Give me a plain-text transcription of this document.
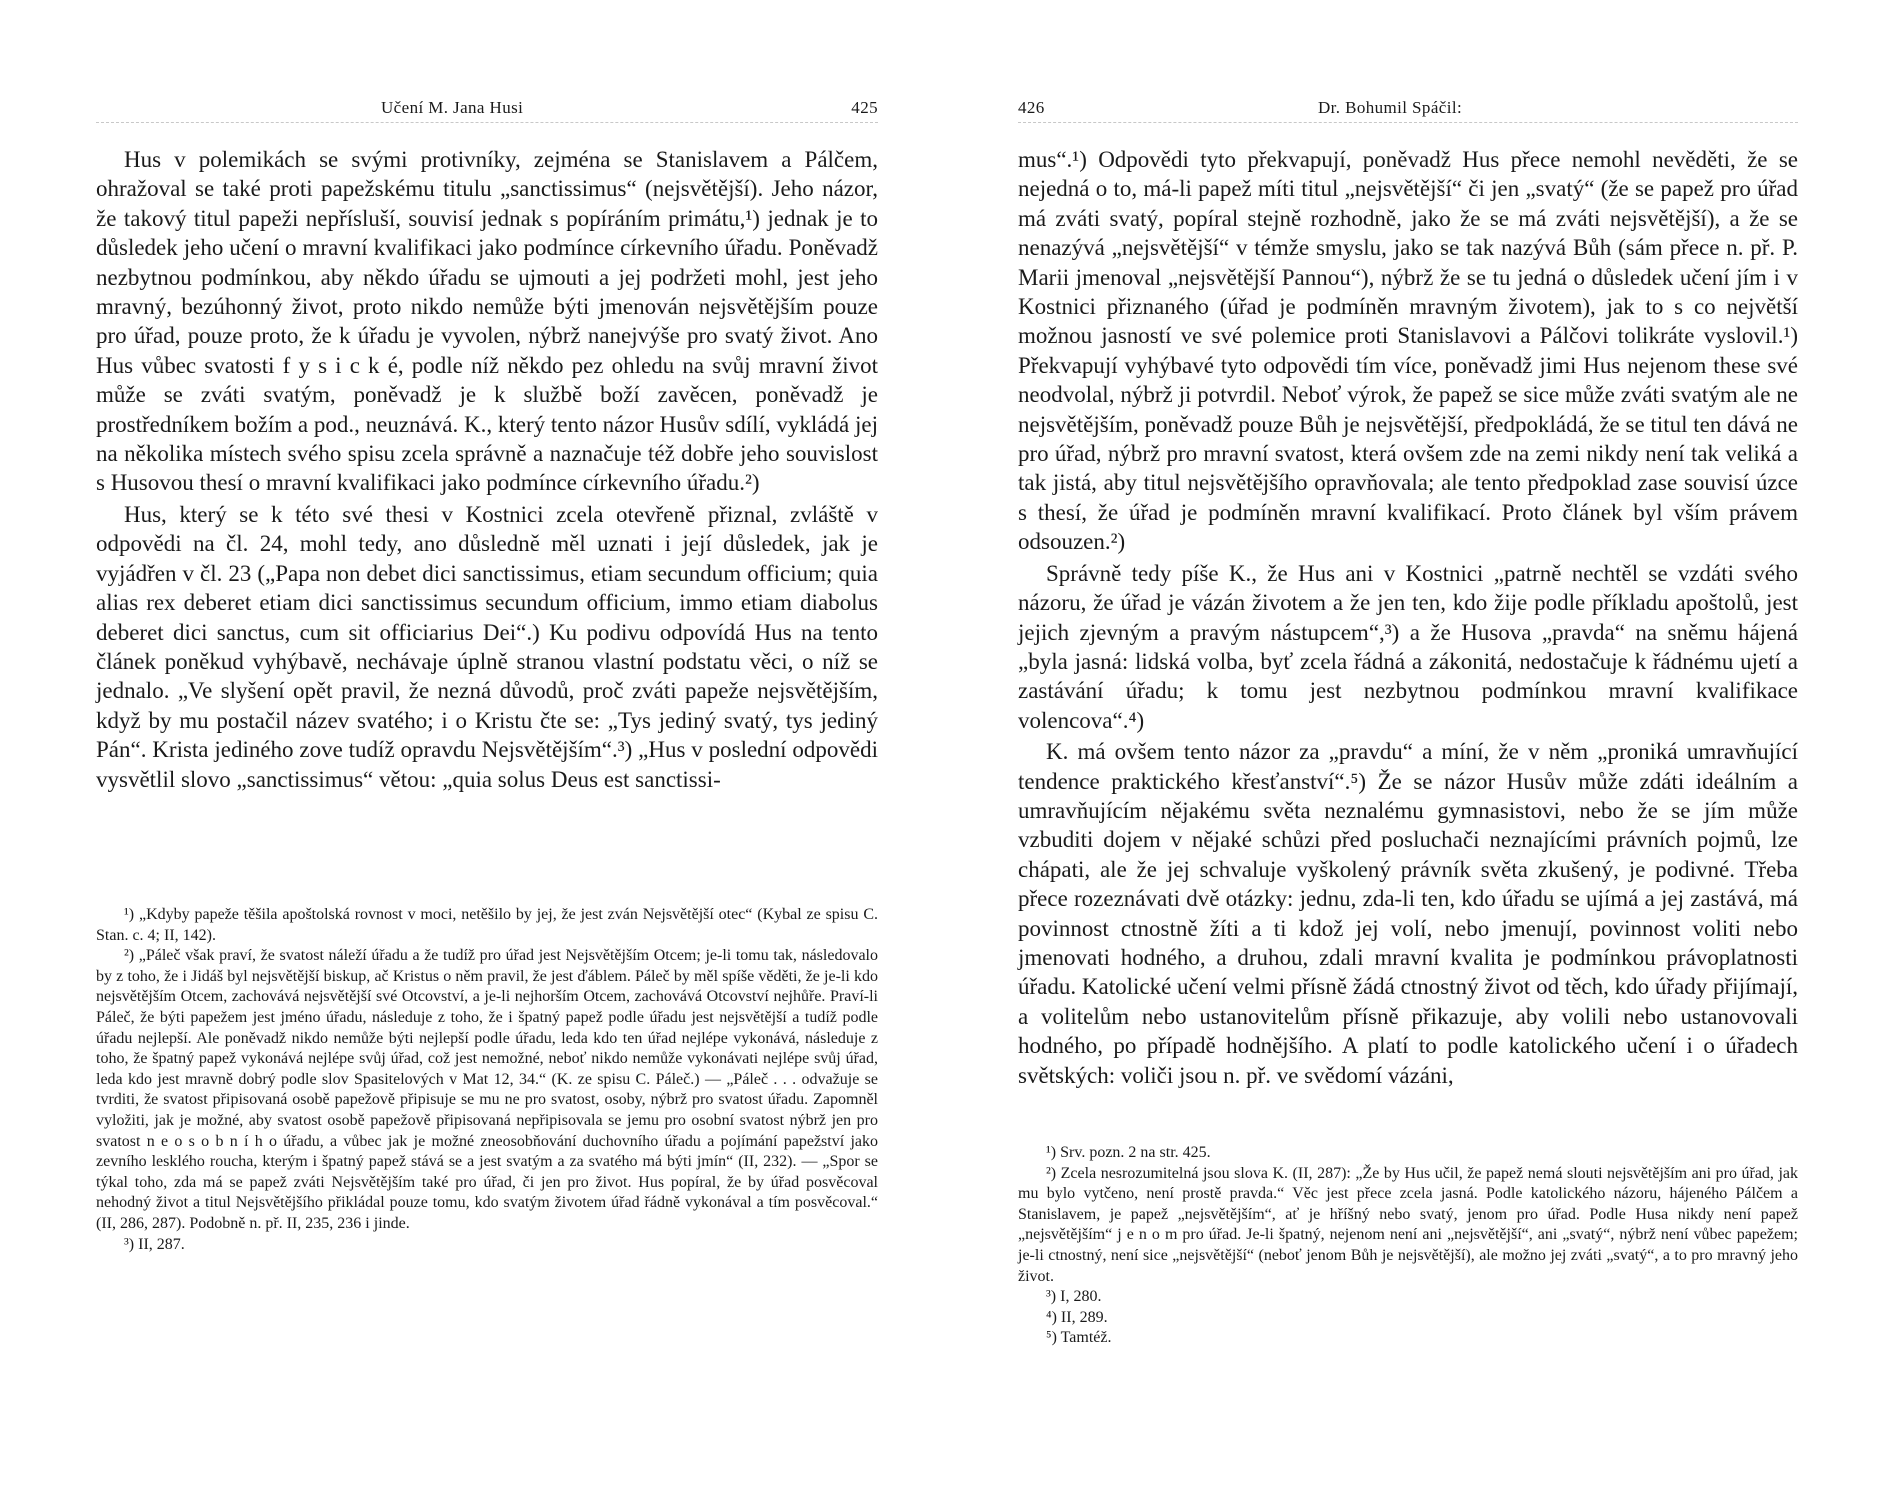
Učení M. Jana Husi	425

Hus v polemikách se svými protivníky, zejména se Stanislavem a Pálčem, ohražoval se také proti papežskému titulu „sanctissimus“ (nejsvětější). Jeho názor, že takový titul papeži nepřísluší, souvisí jednak s popíráním primátu,¹) jednak je to důsledek jeho učení o mravní kvalifikaci jako podmínce církevního úřadu. Poněvadž nezbytnou podmínkou, aby někdo úřadu se ujmouti a jej podržeti mohl, jest jeho mravný, bezúhonný život, proto nikdo nemůže býti jmenován nejsvětějším pouze pro úřad, pouze proto, že k úřadu je vyvolen, nýbrž nanejvýše pro svatý život. Ano Hus vůbec svatosti f y s i c k é, podle níž někdo pez ohledu na svůj mravní život může se zváti svatým, poněvadž je k službě boží zavěcen, poněvadž je prostředníkem božím a pod., neuznává. K., který tento názor Husův sdílí, vykládá jej na několika místech svého spisu zcela správně a naznačuje též dobře jeho souvislost s Husovou thesí o mravní kvalifikaci jako podmínce církevního úřadu.²)

Hus, který se k této své thesi v Kostnici zcela otevřeně přiznal, zvláště v odpovědi na čl. 24, mohl tedy, ano důsledně měl uznati i její důsledek, jak je vyjádřen v čl. 23 („Papa non debet dici sanctissimus, etiam secundum officium; quia alias rex deberet etiam dici sanctissimus secundum officium, immo etiam diabolus deberet dici sanctus, cum sit officiarius Dei“.) Ku podivu odpovídá Hus na tento článek poněkud vyhýbavě, nechávaje úplně stranou vlastní podstatu věci, o níž se jednalo. „Ve slyšení opět pravil, že nezná důvodů, proč zváti papeže nejsvětějším, když by mu postačil název svatého; i o Kristu čte se: „Tys jediný svatý, tys jediný Pán“. Krista jediného zove tudíž opravdu Nejsvětějším“.³) „Hus v poslední odpovědi vysvětlil slovo „sanctissimus“ větou: „quia solus Deus est sanctissi-

¹) „Kdyby papeže těšila apoštolská rovnost v moci, netěšilo by jej, že jest zván Nejsvětější otec“ (Kybal ze spisu C. Stan. c. 4; II, 142).

²) „Páleč však praví, že svatost náleží úřadu a že tudíž pro úřad jest Nejsvětějším Otcem; je-li tomu tak, následovalo by z toho, že i Jidáš byl nejsvětější biskup, ač Kristus o něm pravil, že jest ďáblem. Páleč by měl spíše věděti, že je-li kdo nejsvětějším Otcem, zachovává nejsvětější své Otcovství, a je-li nejhorším Otcem, zachovává Otcovství nejhůře. Praví-li Páleč, že býti papežem jest jméno úřadu, následuje z toho, že i špatný papež podle úřadu jest nejsvětější a tudíž podle úřadu nejlepší. Ale poněvadž nikdo nemůže býti nejlepší podle úřadu, leda kdo ten úřad nejlépe vykonává, následuje z toho, že špatný papež vykonává nejlépe svůj úřad, což jest nemožné, neboť nikdo nemůže vykonávati nejlépe svůj úřad, leda kdo jest mravně dobrý podle slov Spasitelových v Mat 12, 34.“ (K. ze spisu C. Páleč.) — „Páleč . . . odvažuje se tvrditi, že svatost připisovaná osobě papežově připisuje se mu ne pro svatost, osoby, nýbrž pro svatost úřadu. Zapomněl vyložiti, jak je možné, aby svatost osobě papežově připisovaná nepřipisovala se jemu pro osobní svatost nýbrž jen pro svatost n e o s o b n í h o úřadu, a vůbec jak je možné zneosobňování duchovního úřadu a pojímání papežství jako zevního lesklého roucha, kterým i špatný papež stává se a jest svatým a za svatého má býti jmín“ (II, 232). — „Spor se týkal toho, zda má se papež zváti Nejsvětějším také pro úřad, či jen pro život. Hus popíral, že by úřad posvěcoval nehodný život a titul Nejsvětějšího přikládal pouze tomu, kdo svatým životem úřad řádně vykonával a tím posvěcoval.“ (II, 286, 287). Podobně n. př. II, 235, 236 i jinde.

³) II, 287.

426	Dr. Bohumil Spáčil:

mus“.¹) Odpovědi tyto překvapují, poněvadž Hus přece nemohl nevěděti, že se nejedná o to, má-li papež míti titul „nejsvětější“ či jen „svatý“ (že se papež pro úřad má zváti svatý, popíral stejně rozhodně, jako že se má zváti nejsvětější), a že se nenazývá „nejsvětější“ v témže smyslu, jako se tak nazývá Bůh (sám přece n. př. P. Marii jmenoval „nejsvětější Pannou“), nýbrž že se tu jedná o důsledek učení jím i v Kostnici přiznaného (úřad je podmíněn mravným životem), jak to s co největší možnou jasností ve své polemice proti Stanislavovi a Pálčovi tolikráte vyslovil.¹) Překvapují vyhýbavé tyto odpovědi tím více, poněvadž jimi Hus nejenom these své neodvolal, nýbrž ji potvrdil. Neboť výrok, že papež se sice může zváti svatým ale ne nejsvětějším, poněvadž pouze Bůh je nejsvětější, předpokládá, že se titul ten dává ne pro úřad, nýbrž pro mravní svatost, která ovšem zde na zemi nikdy není tak veliká a tak jistá, aby titul nejsvětějšího opravňovala; ale tento předpoklad zase souvisí úzce s thesí, že úřad je podmíněn mravní kvalifikací. Proto článek byl vším právem odsouzen.²)

Správně tedy píše K., že Hus ani v Kostnici „patrně nechtěl se vzdáti svého názoru, že úřad je vázán životem a že jen ten, kdo žije podle příkladu apoštolů, jest jejich zjevným a pravým nástupcem“,³) a že Husova „pravda“ na sněmu hájená „byla jasná: lidská volba, byť zcela řádná a zákonitá, nedostačuje k řádnému ujetí a zastávání úřadu; k tomu jest nezbytnou podmínkou mravní kvalifikace volencova“.⁴)

K. má ovšem tento názor za „pravdu“ a míní, že v něm „proniká umravňující tendence praktického křesťanství“.⁵) Že se názor Husův může zdáti ideálním a umravňujícím nějakému světa neznalému gymnasistovi, nebo že se jím může vzbuditi dojem v nějaké schůzi před posluchači neznajícími právních pojmů, lze chápati, ale že jej schvaluje vyškolený právník světa zkušený, je podivné. Třeba přece rozeznávati dvě otázky: jednu, zda-li ten, kdo úřadu se ujímá a jej zastává, má povinnost ctnostně žíti a ti kdož jej volí, nebo jmenují, povinnost voliti nebo jmenovati hodného, a druhou, zdali mravní kvalita je podmínkou právoplatnosti úřadu. Katolické učení velmi přísně žádá ctnostný život od těch, kdo úřady přijímají, a volitelům nebo ustanovitelům přísně přikazuje, aby volili nebo ustanovovali hodného, po případě hodnějšího. A platí to podle katolického učení i o úřadech světských: voliči jsou n. př. ve svědomí vázáni,

¹) Srv. pozn. 2 na str. 425.

²) Zcela nesrozumitelná jsou slova K. (II, 287): „Že by Hus učil, že papež nemá slouti nejsvětějším ani pro úřad, jak mu bylo vytčeno, není prostě pravda.“ Věc jest přece zcela jasná. Podle katolického názoru, hájeného Pálčem a Stanislavem, je papež „nejsvětějším“, ať je hříšný nebo svatý, jenom pro úřad. Podle Husa nikdy není papež „nejsvětějším“ j e n o m pro úřad. Je-li špatný, nejenom není ani „nejsvětější“, ani „svatý“, nýbrž není vůbec papežem; je-li ctnostný, není sice „nejsvětější“ (neboť jenom Bůh je nejsvětější), ale možno jej zváti „svatý“, a to pro mravný jeho život.

³) I, 280.

⁴) II, 289.

⁵) Tamtéž.
